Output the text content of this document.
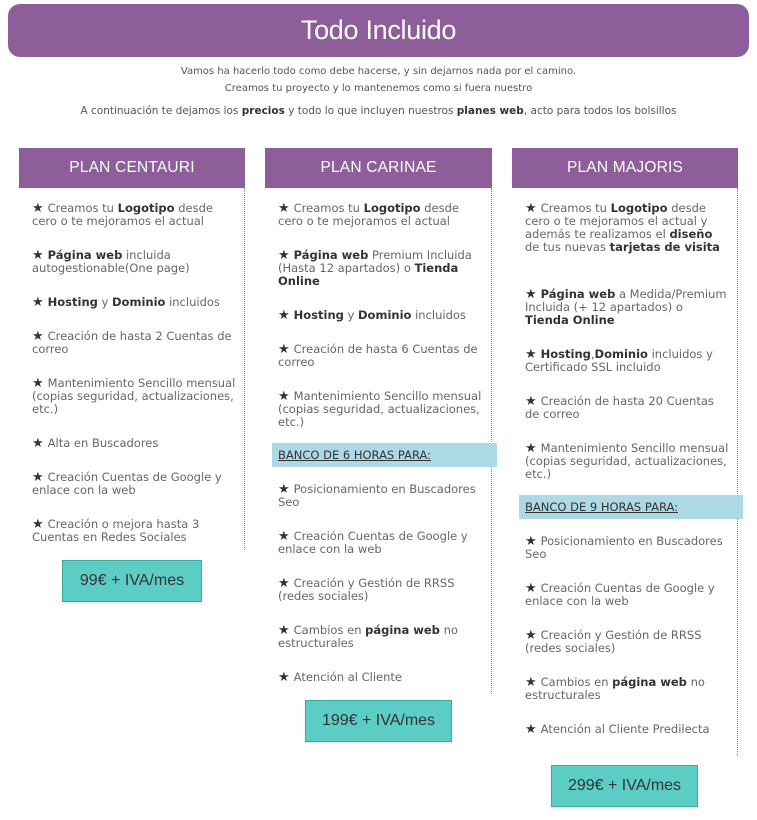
Todo Incluido
Vamos ha hacerlo todo como debe hacerse, y sin dejarnos nada por el camino.
Creamos tu proyecto y lo mantenemos como si fuera nuestro
A continuación te dejamos los precios y todo lo que incluyen nuestros planes web, acto para todos los bolsillos
PLAN CENTAURI
★ Creamos tu Logotipo desde cero o te mejoramos el actual
★ Página web incluida autogestionable(One page)
★ Hosting y Dominio incluidos
★ Creación de hasta 2 Cuentas de correo
★ Mantenimiento Sencillo mensual (copias seguridad, actualizaciones, etc.)
★ Alta en Buscadores
★ Creación Cuentas de Google y enlace con la web
★ Creación o mejora hasta 3 Cuentas en Redes Sociales
99€ + IVA/mes
PLAN CARINAE
★ Creamos tu Logotipo desde cero o te mejoramos el actual
★ Página web Premium Incluida (Hasta 12 apartados) o Tienda Online
★ Hosting y Dominio incluidos
★ Creación de hasta 6 Cuentas de correo
★ Mantenimiento Sencillo mensual (copias seguridad, actualizaciones, etc.)
BANCO DE 6 HORAS PARA:
★ Posicionamiento en Buscadores Seo
★ Creación Cuentas de Google y enlace con la web
★ Creación y Gestión de RRSS (redes sociales)
★ Cambios en página web no estructurales
★ Atención al Cliente
199€ + IVA/mes
PLAN MAJORIS
★ Creamos tu Logotipo desde cero o te mejoramos el actual y además te realizamos el diseño de tus nuevas tarjetas de visita
★ Página web a Medida/Premium Incluida (+ 12 apartados) o Tienda Online
★ Hosting,Dominio incluidos y Certificado SSL incluido
★ Creación de hasta 20 Cuentas de correo
★ Mantenimiento Sencillo mensual (copias seguridad, actualizaciones, etc.)
BANCO DE 9 HORAS PARA:
★ Posicionamiento en Buscadores Seo
★ Creación Cuentas de Google y enlace con la web
★ Creación y Gestión de RRSS (redes sociales)
★ Cambios en página web no estructurales
★ Atención al Cliente Predilecta
299€ + IVA/mes
